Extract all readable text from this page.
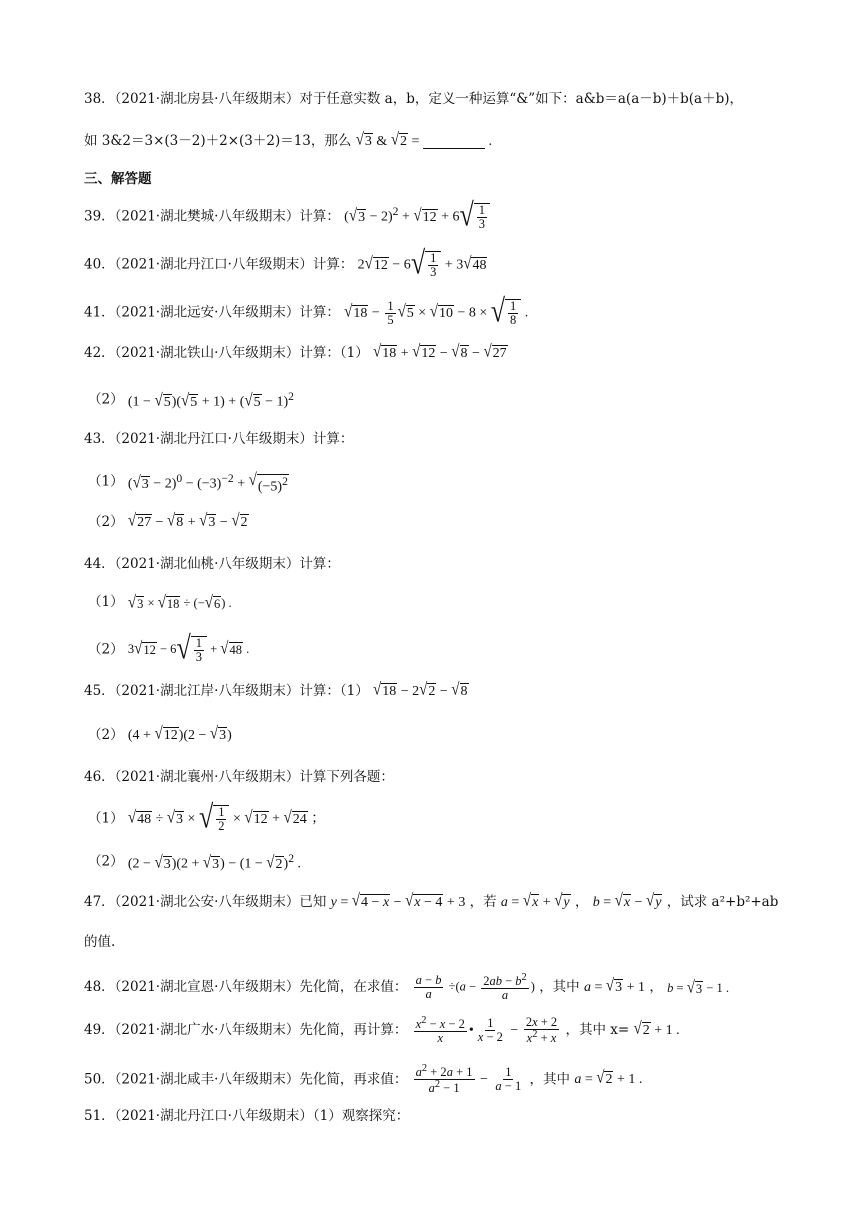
38．（2021·湖北房县·八年级期末）对于任意实数 a，b，定义一种运算“&”如下：a&b＝a(a－b)＋b(a＋b)，
如 3&2＝3×(3－2)＋2×(3＋2)＝13，那么 √ 3 & √ 2 =	.
三、解答题
39．（2021·湖北樊城·八年级期末）计算： ( √ 3 − 2)$^2$ + √ 12 + 6 √ $\frac{1}{3}$
40．（2021·湖北丹江口·八年级期末）计算： 2 √ 12 − 6 √ $\frac{1}{3} + 3$ √ 48
41．（2021·湖北远安·八年级期末）计算： √ $18 - \frac{1}{5}$ √ 5 × √ 10 − 8 × √ $\frac{1}{8}$ .
42．（2021·湖北铁山·八年级期末）计算：（1） √ 18 + √ 12 − √ 8 − √ 27
（2） (1 − √ 5 )( √ 5 + 1) + ( √ 5 − 1)$^2$
43．（2021·湖北丹江口·八年级期末）计算：
（1） ( √ $3 - 2)^0 - (-3)^{-2}$ + √ $(-5)^2$
（2） √ 27 − √ 8 + √ 3 − √ 2
44．（2021·湖北仙桃·八年级期末）计算：
（1） √ 3 × √ 18 ÷ (− √ 6 ) .
（2） 3 √ 12 − 6 √ $\frac{1}{3}$ + √ 48 .
45．（2021·湖北江岸·八年级期末）计算：（1） √ 18 − 2 √ 2 − √ 8
（2） (4 + √ 12 )(2 − √ 3 )
46．（2021·湖北襄州·八年级期末）计算下列各题：
（1） √ 48 ÷ √ 3 × √ $\frac{1}{2}$ × √ 12 + √ 24 ；
（2） (2 − √ 3 )(2 + √ 3 ) − (1 − √ 2 )$^2$ .
47．（2021·湖北公安·八年级期末）已知 y = √ 4 − x − √ x − 4 + 3 ，若 a = √ x + √ y ， b = √ x − √ y ，试求 a²+b²+ab
的值.
48．（2021·湖北宣恩·八年级期末）先化简，在求值： $\frac{a - b}{a} \div(a - \frac{2ab - b^2}{a}$ ) ，其中 a = √ 3 + 1 ， b = √ 3 − 1 .
49．（2021·湖北广水·八年级期末）先化简，再计算： $\frac{x^2 - x - 2}{x}$ • $\frac{1}{x - 2} - \frac{2x + 2}{x^2 + x}$ ，其中 x= √ 2 + 1 .
50．（2021·湖北咸丰·八年级期末）先化简，再求值： $\frac{a^2 + 2a + 1}{a^2 - 1} - \frac{1}{a - 1}$ ，其中 a = √ 2 + 1 .
51．（2021·湖北丹江口·八年级期末）（1）观察探究：
